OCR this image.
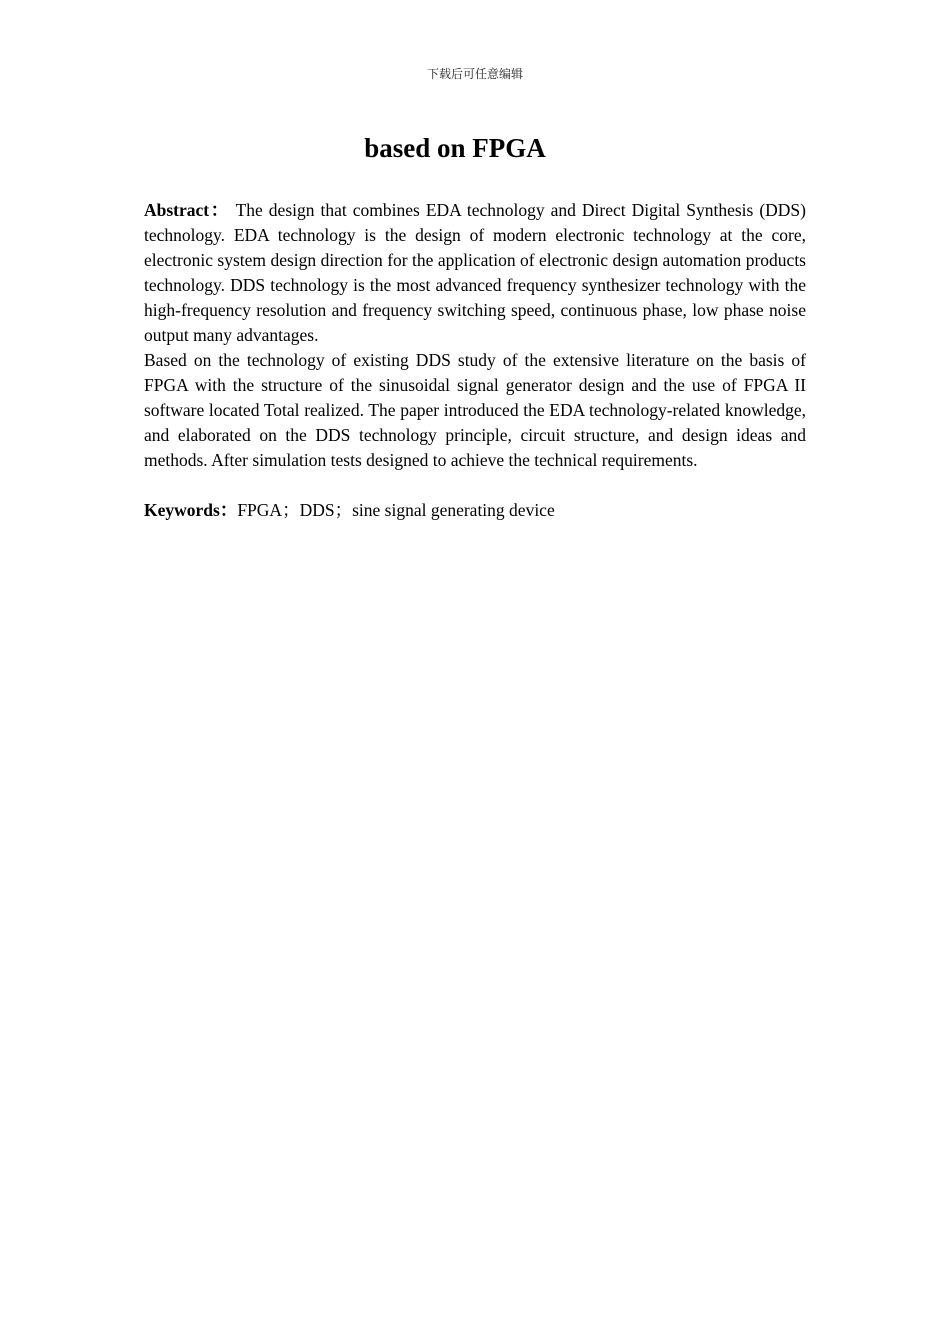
下载后可任意编辑
based on FPGA

Abstract： The design that combines EDA technology and Direct Digital Synthesis (DDS) technology. EDA technology is the design of modern electronic technology at the core, electronic system design direction for the application of electronic design automation products technology. DDS technology is the most advanced frequency synthesizer technology with the high-frequency resolution and frequency switching speed, continuous phase, low phase noise output many advantages.

Based on the technology of existing DDS study of the extensive literature on the basis of FPGA with the structure of the sinusoidal signal generator design and the use of FPGA II software located Total realized. The paper introduced the EDA technology-related knowledge, and elaborated on the DDS technology principle, circuit structure, and design ideas and methods. After simulation tests designed to achieve the technical requirements.

Keywords：FPGA；DDS；sine signal generating device
